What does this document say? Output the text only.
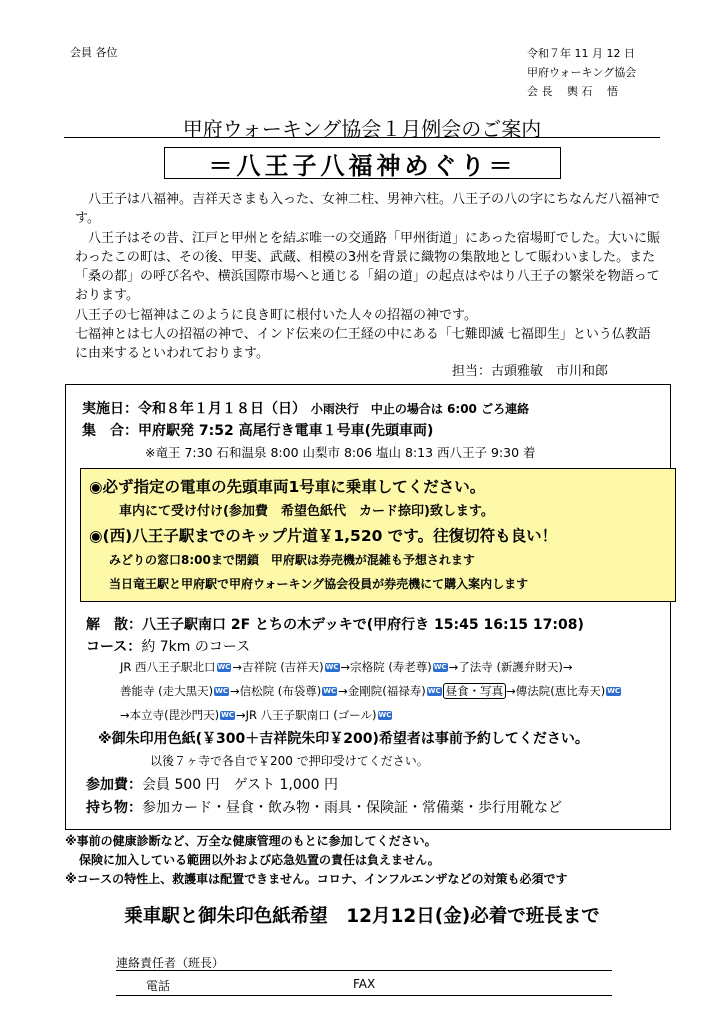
会員 各位	令和７年 11 月 12 日
甲府ウォーキング協会
会 長　 輿 石　 悟
甲府ウォーキング協会１月例会のご案内
＝八王子八福神めぐり＝

　八王子は八福神。吉祥天さまも入った、女神二柱、男神六柱。八王子の八の字にちなんだ八福神です。

　八王子はその昔、江戸と甲州とを結ぶ唯一の交通路「甲州街道」にあった宿場町でした。大いに賑わったこの町は、その後、甲斐、武蔵、相模の3州を背景に織物の集散地として賑わいました。また「桑の都」の呼び名や、横浜国際市場へと通じる「絹の道」の起点はやはり八王子の繁栄を物語っております。

八王子の七福神はこのように良き町に根付いた人々の招福の神です。

七福神とは七人の招福の神で、インド伝来の仁王経の中にある「七難即滅 七福即生」という仏教語に由来するといわれております。

担当：古頭雅敏　市川和郎
実施日：令和８年１月１８日（日） 小雨決行　中止の場合は 6:00 ごろ連絡
集　合：甲府駅発 7:52 高尾行き電車１号車(先頭車両)
※竜王 7:30 石和温泉 8:00 山梨市 8:06 塩山 8:13 西八王子 9:30 着
◉必ず指定の電車の先頭車両1号車に乗車してください。
車内にて受け付け(参加費　希望色紙代　カード捺印)致します。
◉(西)八王子駅までのキップ片道￥1,520 です。往復切符も良い！
みどりの窓口8:00まで閉鎖　甲府駅は券売機が混雑も予想されます
当日竜王駅と甲府駅で甲府ウォーキング協会役員が券売機にて購入案内します
解　散：八王子駅南口 2F とちの木デッキで(甲府行き 15:45 16:15 17:08)
コース：約 7km のコース
JR 西八王子駅北口 WC →吉祥院 (吉祥天) WC →宗格院 (寿老尊) WC →了法寺 (新護弁財天)→
善能寺 (走大黒天) WC →信松院 (布袋尊) WC →金剛院(福禄寿) WC 昼食・写真 →傳法院(恵比寿天) WC
→本立寺(毘沙門天) WC →JR 八王子駅南口 (ゴール) WC
※御朱印用色紙(￥300＋吉祥院朱印￥200)希望者は事前予約してください。
以後７ヶ寺で各自で￥200 で押印受けてください。
参加費：会員 500 円　ゲスト 1,000 円
持ち物：参加カード・昼食・飲み物・雨具・保険証・常備薬・歩行用靴など
※事前の健康診断など、万全な健康管理のもとに参加してください。
保険に加入している範囲以外および応急処置の責任は負えません。
※コースの特性上、救護車は配置できません。コロナ、インフルエンザなどの対策も必須です
乗車駅と御朱印色紙希望　12月12日(金)必着で班長まで
連絡責任者（班長）
電話	FAX
